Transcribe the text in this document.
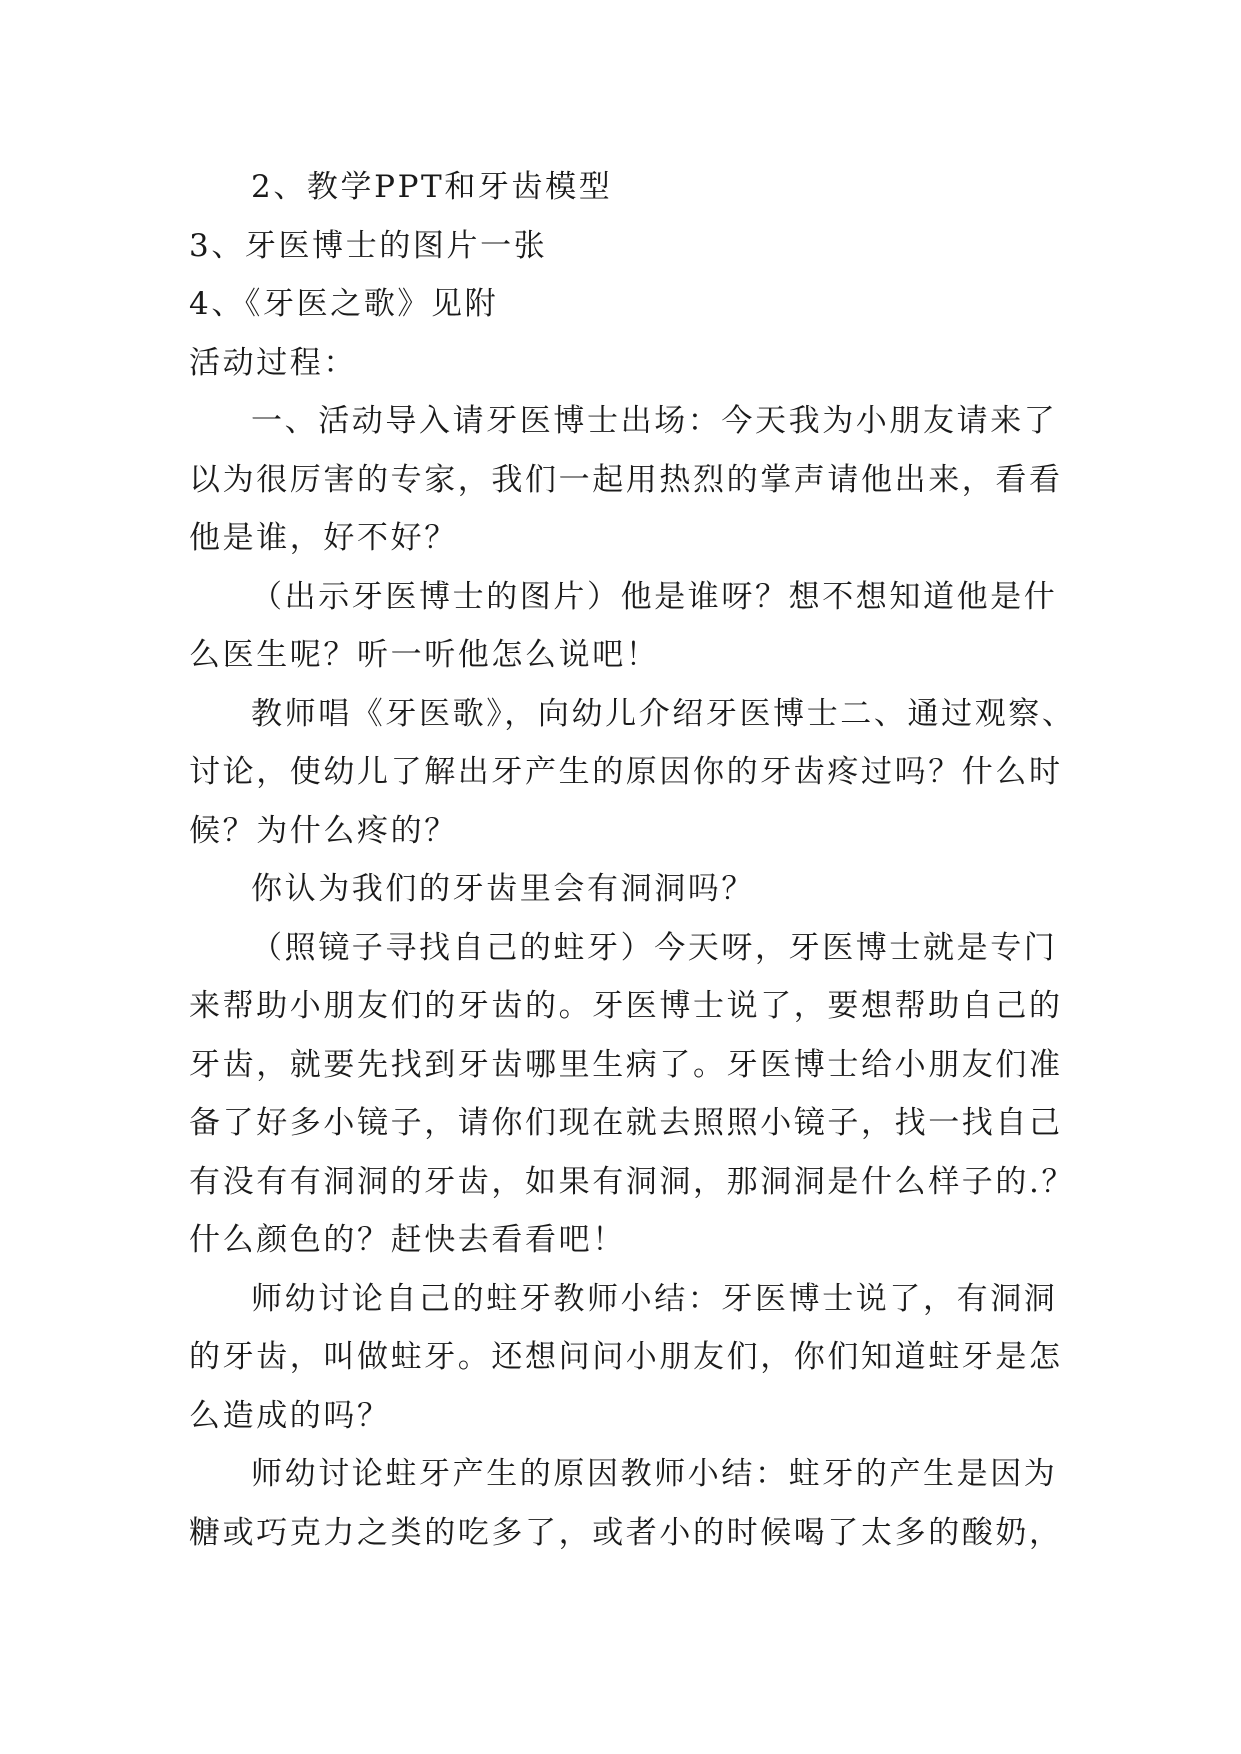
2、教学PPT和牙齿模型
3、牙医博士的图片一张
4、《牙医之歌》见附
活动过程：
一、活动导入请牙医博士出场：今天我为小朋友请来了
以为很厉害的专家，我们一起用热烈的掌声请他出来，看看
他是谁，好不好？
（出示牙医博士的图片）他是谁呀？想不想知道他是什
么医生呢？听一听他怎么说吧！
教师唱《牙医歌》，向幼儿介绍牙医博士二、通过观察、
讨论，使幼儿了解出牙产生的原因你的牙齿疼过吗？什么时
候？为什么疼的？
你认为我们的牙齿里会有洞洞吗？
（照镜子寻找自己的蛀牙）今天呀，牙医博士就是专门
来帮助小朋友们的牙齿的。牙医博士说了，要想帮助自己的
牙齿，就要先找到牙齿哪里生病了。牙医博士给小朋友们准
备了好多小镜子，请你们现在就去照照小镜子，找一找自己
有没有有洞洞的牙齿，如果有洞洞，那洞洞是什么样子的.？
什么颜色的？赶快去看看吧！
师幼讨论自己的蛀牙教师小结：牙医博士说了，有洞洞
的牙齿，叫做蛀牙。还想问问小朋友们，你们知道蛀牙是怎
么造成的吗？
师幼讨论蛀牙产生的原因教师小结：蛀牙的产生是因为
糖或巧克力之类的吃多了，或者小的时候喝了太多的酸奶，
